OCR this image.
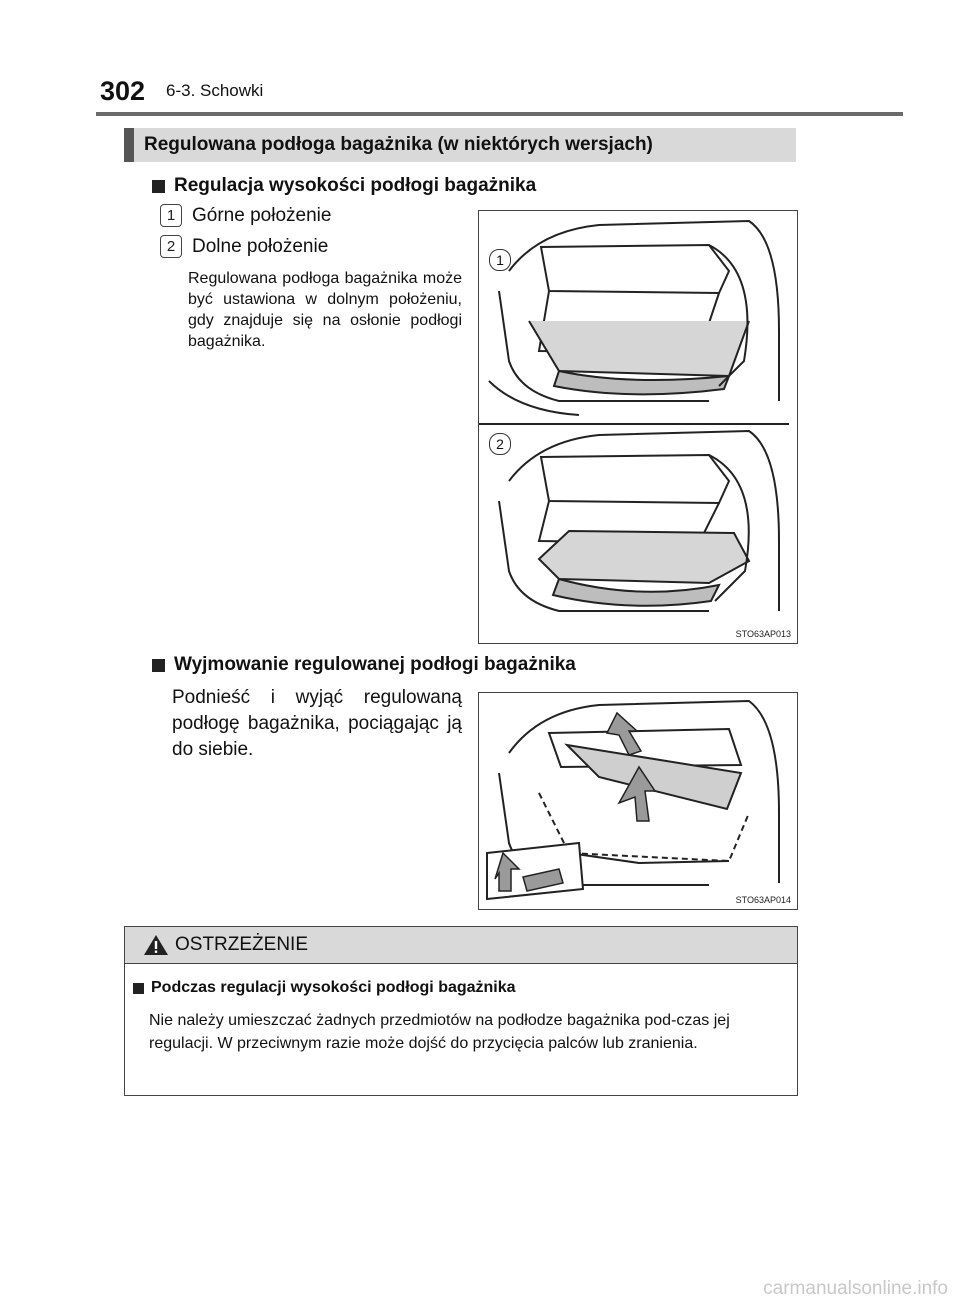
302 6-3. Schowki
Regulowana podłoga bagażnika (w niektórych wersjach)
Regulacja wysokości podłogi bagażnika
1 Górne położenie
2 Dolne położenie
Regulowana podłoga bagażnika może być ustawiona w dolnym położeniu, gdy znajduje się na osłonie podłogi bagażnika.
1
2
STO63AP013
Wyjmowanie regulowanej podłogi bagażnika
Podnieść i wyjąć regulowaną podłogę bagażnika, pociągając ją do siebie.
STO63AP014
OSTRZEŻENIE
Podczas regulacji wysokości podłogi bagażnika
Nie należy umieszczać żadnych przedmiotów na podłodze bagażnika pod-czas jej regulacji. W przeciwnym razie może dojść do przycięcia palców lub zranienia.
carmanualsonline.info
